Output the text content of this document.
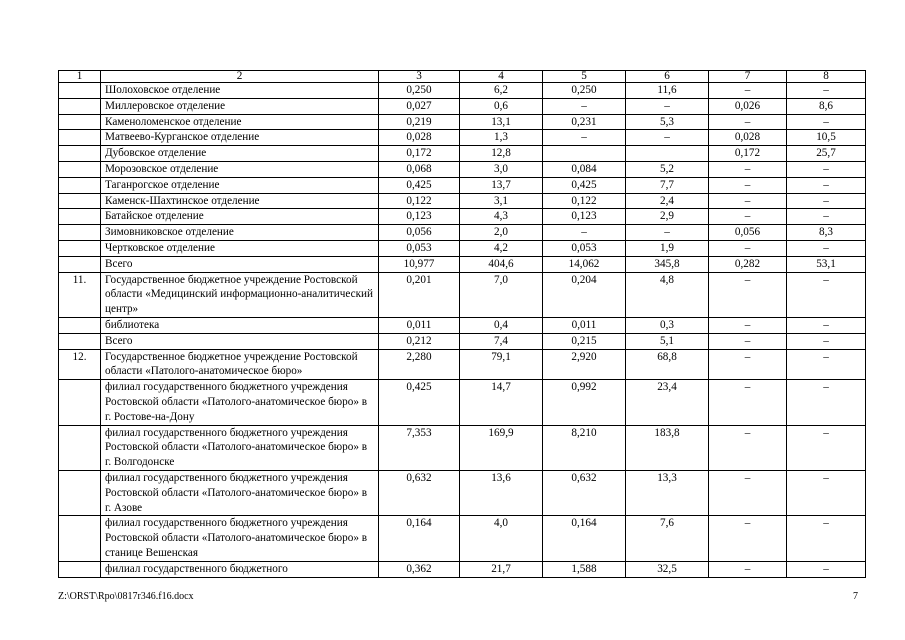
1	2	3	4	5	6	7	8
	Шолоховское отделение	0,250	6,2	0,250	11,6	–	–
	Миллеровское отделение	0,027	0,6	–	–	0,026	8,6
	Каменоломенское отделение	0,219	13,1	0,231	5,3	–	–
	Матвеево-Курганское отделение	0,028	1,3	–	–	0,028	10,5
	Дубовское отделение	0,172	12,8			0,172	25,7
	Морозовское отделение	0,068	3,0	0,084	5,2	–	–
	Таганрогское отделение	0,425	13,7	0,425	7,7	–	–
	Каменск-Шахтинское отделение	0,122	3,1	0,122	2,4	–	–
	Батайское отделение	0,123	4,3	0,123	2,9	–	–
	Зимовниковское отделение	0,056	2,0	–	–	0,056	8,3
	Чертковское отделение	0,053	4,2	0,053	1,9	–	–
	Всего	10,977	404,6	14,062	345,8	0,282	53,1
11.	Государственное бюджетное учреждение Ростовской области «Медицинский информационно-аналитический центр»	0,201	7,0	0,204	4,8	–	–
	библиотека	0,011	0,4	0,011	0,3	–	–
	Всего	0,212	7,4	0,215	5,1	–	–
12.	Государственное бюджетное учреждение Ростовской области «Патолого-анатомическое бюро»	2,280	79,1	2,920	68,8	–	–
	филиал государственного бюджетного учреждения Ростовской области «Патолого-анатомическое бюро» в г. Ростове-на-Дону	0,425	14,7	0,992	23,4	–	–
	филиал государственного бюджетного учреждения Ростовской области «Патолого-анатомическое бюро» в г. Волгодонске	7,353	169,9	8,210	183,8	–	–
	филиал государственного бюджетного учреждения Ростовской области «Патолого-анатомическое бюро» в г. Азове	0,632	13,6	0,632	13,3	–	–
	филиал государственного бюджетного учреждения Ростовской области «Патолого-анатомическое бюро» в станице Вешенская	0,164	4,0	0,164	7,6	–	–
	филиал государственного бюджетного	0,362	21,7	1,588	32,5	–	–
Z:\ORST\Rpo\0817r346.f16.docx	7
